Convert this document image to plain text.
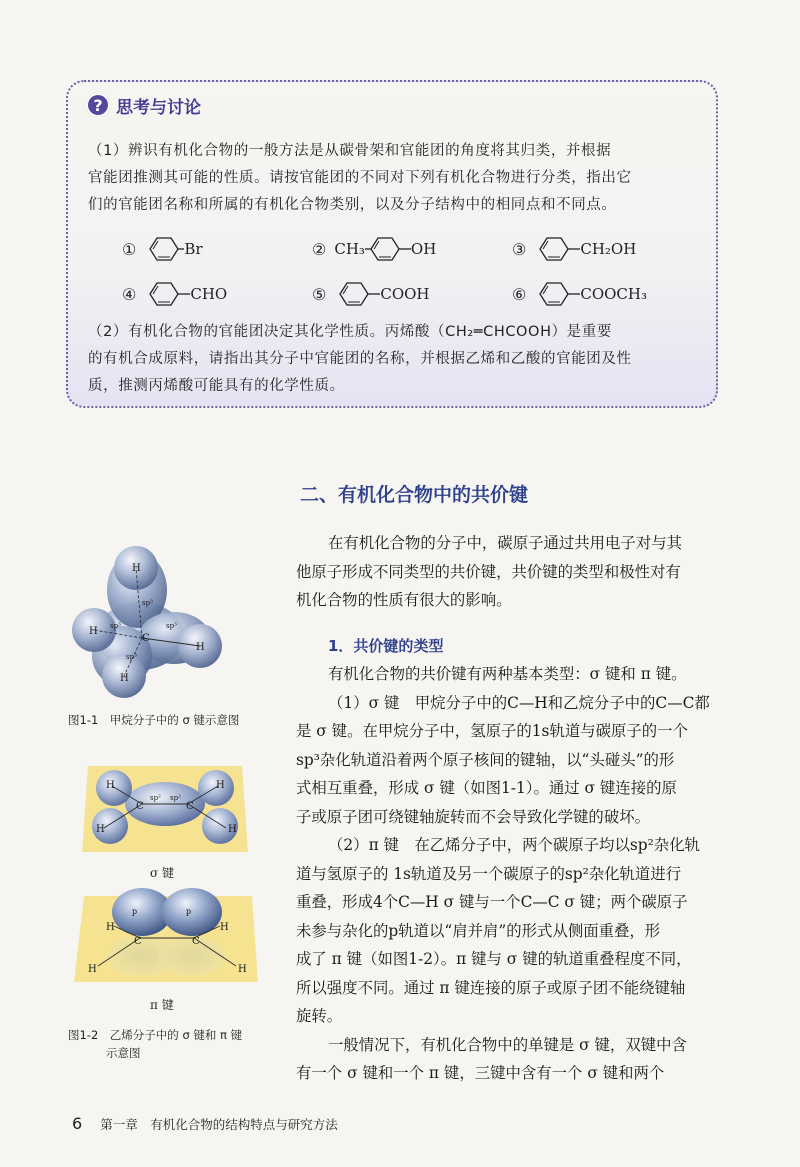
? 思考与讨论
（1）辨识有机化合物的一般方法是从碳骨架和官能团的角度将其归类，并根据
官能团推测其可能的性质。请按官能团的不同对下列有机化合物进行分类，指出它
们的官能团名称和所属的有机化合物类别，以及分子结构中的相同点和不同点。
①	Br	② CH₃	OH	③	CH₂OH
④	CHO	⑤	COOH	⑥	COOCH₃
（2）有机化合物的官能团决定其化学性质。丙烯酸（CH₂═CHCOOH）是重要
的有机合成原料，请指出其分子中官能团的名称，并根据乙烯和乙酸的官能团及性
质，推测丙烯酸可能具有的化学性质。
二、有机化合物中的共价键
在有机化合物的分子中，碳原子通过共用电子对与其
他原子形成不同类型的共价键，共价键的类型和极性对有
机化合物的性质有很大的影响。
1．共价键的类型
有机化合物的共价键有两种基本类型：σ 键和 π 键。
（1）σ 键　甲烷分子中的C—H和乙烷分子中的C—C都
是 σ 键。在甲烷分子中，氢原子的1s轨道与碳原子的一个
sp³杂化轨道沿着两个原子核间的键轴，以“头碰头”的形
式相互重叠，形成 σ 键（如图1-1）。通过 σ 键连接的原
子或原子团可绕键轴旋转而不会导致化学键的破坏。
（2）π 键　在乙烯分子中，两个碳原子均以sp²杂化轨
道与氢原子的 1s轨道及另一个碳原子的sp²杂化轨道进行
重叠，形成4个C—H σ 键与一个C—C σ 键；两个碳原子
未参与杂化的p轨道以“肩并肩”的形式从侧面重叠，形
成了 π 键（如图1-2）。π 键与 σ 键的轨道重叠程度不同，
所以强度不同。通过 π 键连接的原子或原子团不能绕键轴
旋转。
一般情况下，有机化合物中的单键是 σ 键，双键中含
有一个 σ 键和一个 π 键，三键中含有一个 σ 键和两个
H
H
H
H
C
sp³
sp³	sp³
sp³
图1-1　甲烷分子中的 σ 键示意图
H
H
H
H
C	C
sp² sp²
σ 键
p	p
H
H
H
H
C	C
π 键
图1-2　乙烯分子中的 σ 键和 π 键
示意图
6 第一章　有机化合物的结构特点与研究方法
